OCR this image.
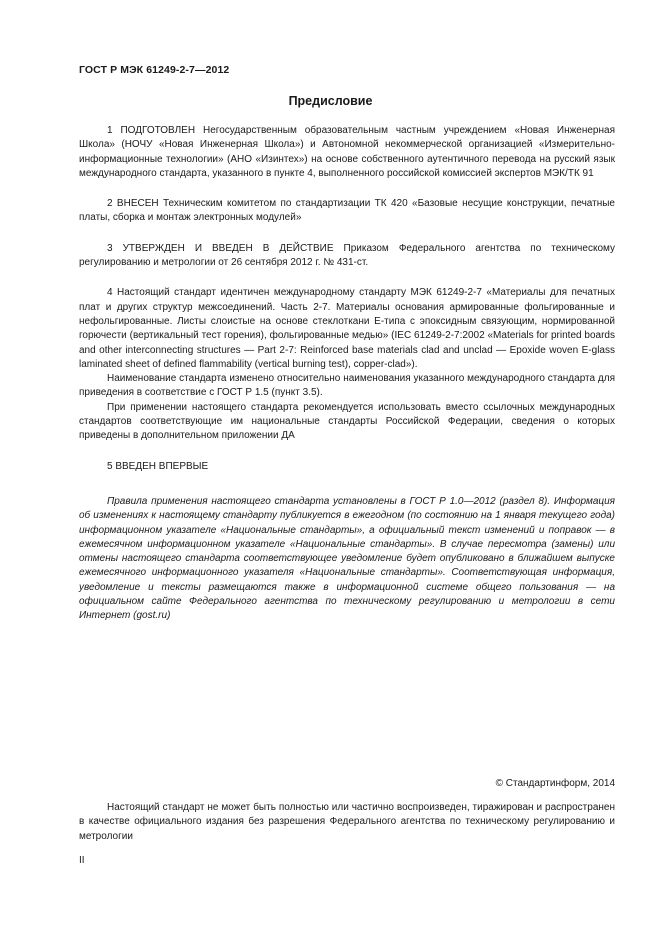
ГОСТ Р МЭК 61249-2-7—2012
Предисловие

1 ПОДГОТОВЛЕН Негосударственным образовательным частным учреждением «Новая Инженерная Школа» (НОЧУ «Новая Инженерная Школа») и Автономной некоммерческой организацией «Измерительно-информационные технологии» (АНО «Изинтех») на основе собственного аутентичного перевода на русский язык международного стандарта, указанного в пункте 4, выполненного российской комиссией экспертов МЭК/ТК 91

2 ВНЕСЕН Техническим комитетом по стандартизации ТК 420 «Базовые несущие конструкции, печатные платы, сборка и монтаж электронных модулей»

3 УТВЕРЖДЕН И ВВЕДЕН В ДЕЙСТВИЕ Приказом Федерального агентства по техническому регулированию и метрологии от 26 сентября 2012 г. № 431-ст.

4 Настоящий стандарт идентичен международному стандарту МЭК 61249-2-7 «Материалы для печатных плат и других структур межсоединений. Часть 2-7. Материалы основания армированные фольгированные и нефольгированные. Листы слоистые на основе стеклоткани Е-типа с эпоксидным связующим, нормированной горючести (вертикальный тест горения), фольгированные медью» (IEC 61249-2-7:2002 «Materials for printed boards and other interconnecting structures — Part 2-7: Reinforced base materials clad and unclad — Epoxide woven E-glass laminated sheet of defined flammability (vertical burning test), copper-clad»).

Наименование стандарта изменено относительно наименования указанного международного стандарта для приведения в соответствие с ГОСТ Р 1.5 (пункт 3.5).

При применении настоящего стандарта рекомендуется использовать вместо ссылочных международных стандартов соответствующие им национальные стандарты Российской Федерации, сведения о которых приведены в дополнительном приложении ДА

5 ВВЕДЕН ВПЕРВЫЕ

Правила применения настоящего стандарта установлены в ГОСТ Р 1.0—2012 (раздел 8). Информация об изменениях к настоящему стандарту публикуется в ежегодном (по состоянию на 1 января текущего года) информационном указателе «Национальные стандарты», а официальный текст изменений и поправок — в ежемесячном информационном указателе «Национальные стандарты». В случае пересмотра (замены) или отмены настоящего стандарта соответствующее уведомление будет опубликовано в ближайшем выпуске ежемесячного информационного указателя «Национальные стандарты». Соответствующая информация, уведомление и тексты размещаются также в информационной системе общего пользования — на официальном сайте Федерального агентства по техническому регулированию и метрологии в сети Интернет (gost.ru)

© Стандартинформ, 2014

Настоящий стандарт не может быть полностью или частично воспроизведен, тиражирован и распространен в качестве официального издания без разрешения Федерального агентства по техническому регулированию и метрологии

II
